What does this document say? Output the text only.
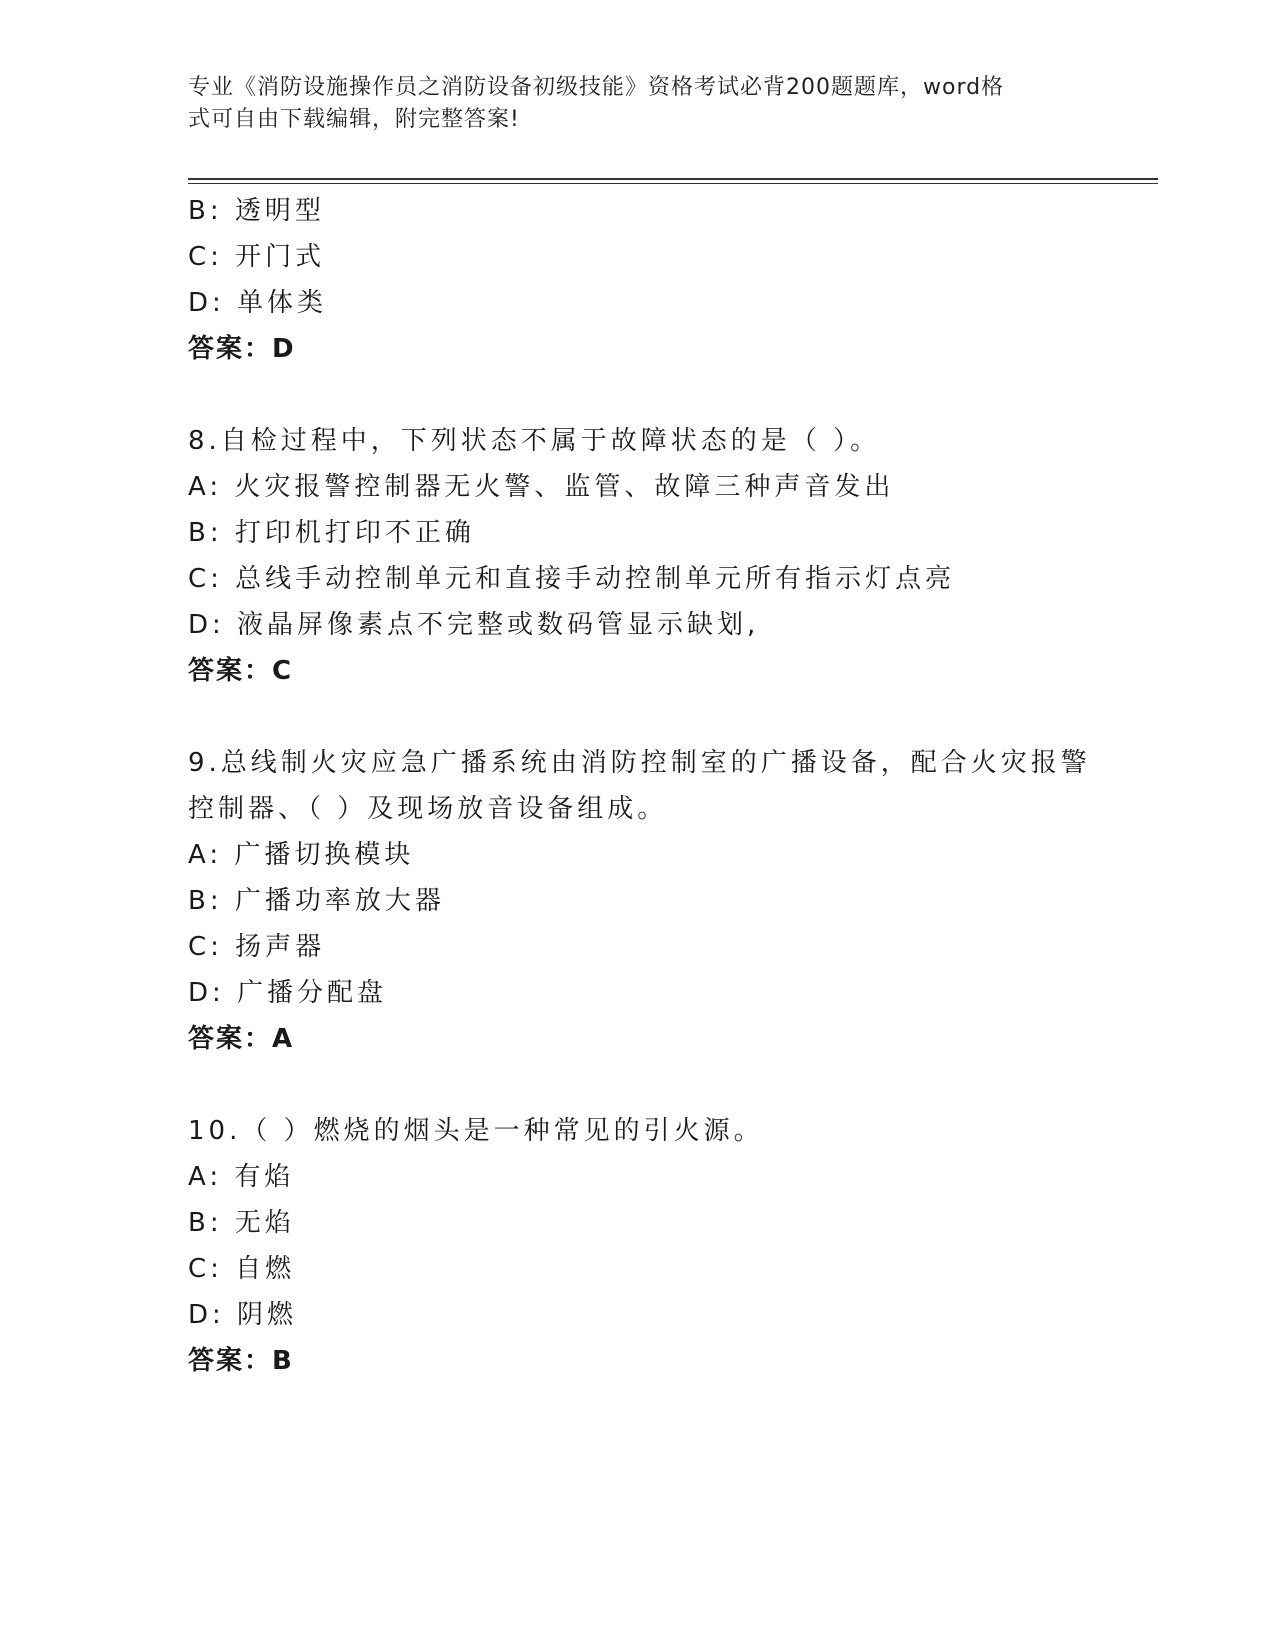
专业《消防设施操作员之消防设备初级技能》资格考试必背200题题库，word格
式可自由下载编辑，附完整答案!
B: 透明型
C: 开门式
D: 单体类
答案：D
8.自检过程中，下列状态不属于故障状态的是（ ）。
A: 火灾报警控制器无火警、监管、故障三种声音发出
B: 打印机打印不正确
C: 总线手动控制单元和直接手动控制单元所有指示灯点亮
D: 液晶屏像素点不完整或数码管显示缺划,
答案：C
9.总线制火灾应急广播系统由消防控制室的广播设备，配合火灾报警
控制器、（ ）及现场放音设备组成。
A: 广播切换模块
B: 广播功率放大器
C: 扬声器
D: 广播分配盘
答案：A
10.（ ）燃烧的烟头是一种常见的引火源。
A: 有焰
B: 无焰
C: 自燃
D: 阴燃
答案：B
